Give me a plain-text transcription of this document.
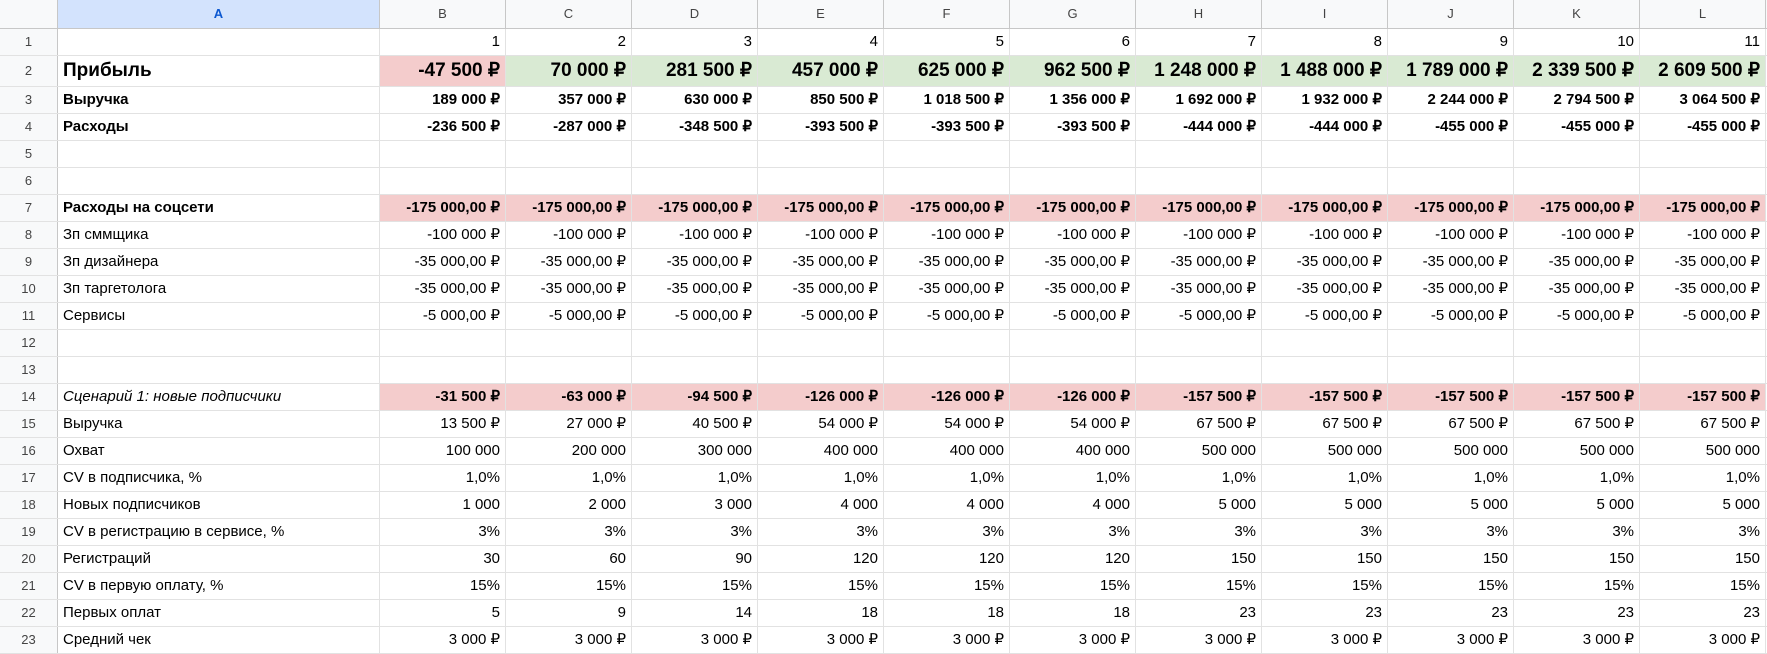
A	B	C	D	E	F	G	H	I	J	K	L
1	1	2	3	4	5	6	7	8	9	10	11
2	Прибыль	-47 500 ₽	70 000 ₽	281 500 ₽	457 000 ₽	625 000 ₽	962 500 ₽	1 248 000 ₽	1 488 000 ₽	1 789 000 ₽	2 339 500 ₽	2 609 500 ₽
3	Выручка	189 000 ₽	357 000 ₽	630 000 ₽	850 500 ₽	1 018 500 ₽	1 356 000 ₽	1 692 000 ₽	1 932 000 ₽	2 244 000 ₽	2 794 500 ₽	3 064 500 ₽
4	Расходы	-236 500 ₽	-287 000 ₽	-348 500 ₽	-393 500 ₽	-393 500 ₽	-393 500 ₽	-444 000 ₽	-444 000 ₽	-455 000 ₽	-455 000 ₽	-455 000 ₽
5
6
7	Расходы на соцсети	-175 000,00 ₽	-175 000,00 ₽	-175 000,00 ₽	-175 000,00 ₽	-175 000,00 ₽	-175 000,00 ₽	-175 000,00 ₽	-175 000,00 ₽	-175 000,00 ₽	-175 000,00 ₽	-175 000,00 ₽
8	Зп сммщика	-100 000 ₽	-100 000 ₽	-100 000 ₽	-100 000 ₽	-100 000 ₽	-100 000 ₽	-100 000 ₽	-100 000 ₽	-100 000 ₽	-100 000 ₽	-100 000 ₽
9	Зп дизайнера	-35 000,00 ₽	-35 000,00 ₽	-35 000,00 ₽	-35 000,00 ₽	-35 000,00 ₽	-35 000,00 ₽	-35 000,00 ₽	-35 000,00 ₽	-35 000,00 ₽	-35 000,00 ₽	-35 000,00 ₽
10	Зп таргетолога	-35 000,00 ₽	-35 000,00 ₽	-35 000,00 ₽	-35 000,00 ₽	-35 000,00 ₽	-35 000,00 ₽	-35 000,00 ₽	-35 000,00 ₽	-35 000,00 ₽	-35 000,00 ₽	-35 000,00 ₽
11	Сервисы	-5 000,00 ₽	-5 000,00 ₽	-5 000,00 ₽	-5 000,00 ₽	-5 000,00 ₽	-5 000,00 ₽	-5 000,00 ₽	-5 000,00 ₽	-5 000,00 ₽	-5 000,00 ₽	-5 000,00 ₽
12
13
14	Сценарий 1: новые подписчики	-31 500 ₽	-63 000 ₽	-94 500 ₽	-126 000 ₽	-126 000 ₽	-126 000 ₽	-157 500 ₽	-157 500 ₽	-157 500 ₽	-157 500 ₽	-157 500 ₽
15	Выручка	13 500 ₽	27 000 ₽	40 500 ₽	54 000 ₽	54 000 ₽	54 000 ₽	67 500 ₽	67 500 ₽	67 500 ₽	67 500 ₽	67 500 ₽
16	Охват	100 000	200 000	300 000	400 000	400 000	400 000	500 000	500 000	500 000	500 000	500 000
17	CV в подписчика, %	1,0%	1,0%	1,0%	1,0%	1,0%	1,0%	1,0%	1,0%	1,0%	1,0%	1,0%
18	Новых подписчиков	1 000	2 000	3 000	4 000	4 000	4 000	5 000	5 000	5 000	5 000	5 000
19	CV в регистрацию в сервисе, %	3%	3%	3%	3%	3%	3%	3%	3%	3%	3%	3%
20	Регистраций	30	60	90	120	120	120	150	150	150	150	150
21	CV в первую оплату, %	15%	15%	15%	15%	15%	15%	15%	15%	15%	15%	15%
22	Первых оплат	5	9	14	18	18	18	23	23	23	23	23
23	Средний чек	3 000 ₽	3 000 ₽	3 000 ₽	3 000 ₽	3 000 ₽	3 000 ₽	3 000 ₽	3 000 ₽	3 000 ₽	3 000 ₽	3 000 ₽
